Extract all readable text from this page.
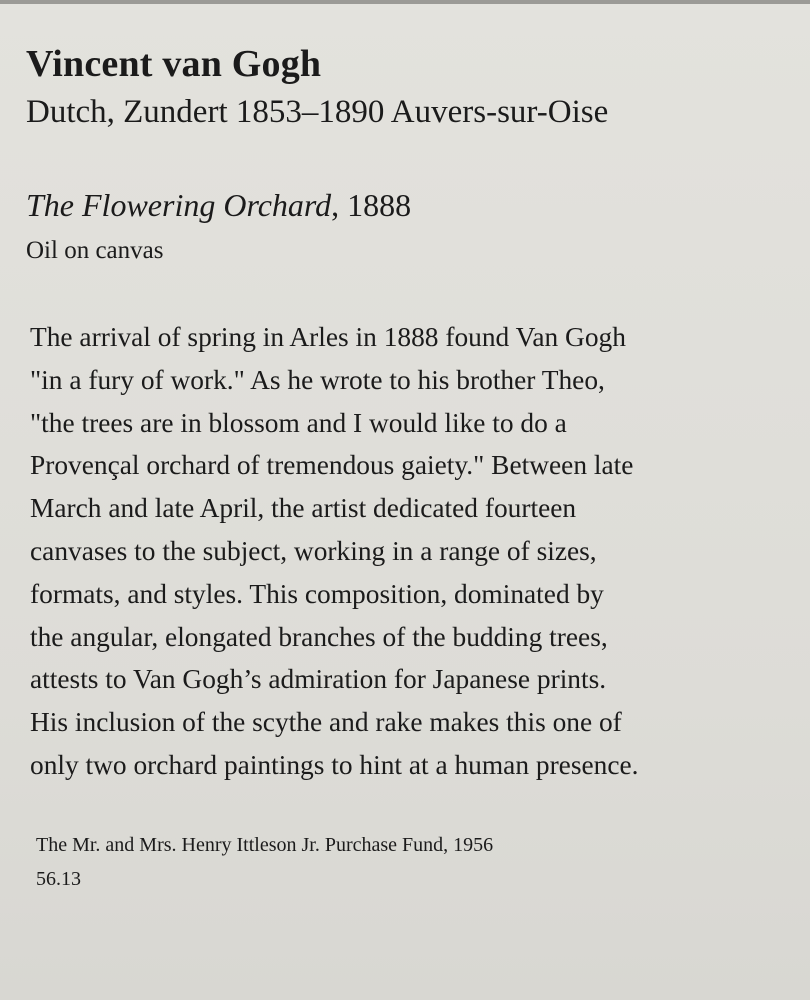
Vincent van Gogh
Dutch, Zundert 1853–1890 Auvers-sur-Oise
The Flowering Orchard, 1888
Oil on canvas
The arrival of spring in Arles in 1888 found Van Gogh
"in a fury of work." As he wrote to his brother Theo,
"the trees are in blossom and I would like to do a
Provençal orchard of tremendous gaiety." Between late
March and late April, the artist dedicated fourteen
canvases to the subject, working in a range of sizes,
formats, and styles. This composition, dominated by
the angular, elongated branches of the budding trees,
attests to Van Gogh’s admiration for Japanese prints.
His inclusion of the scythe and rake makes this one of
only two orchard paintings to hint at a human presence.
The Mr. and Mrs. Henry Ittleson Jr. Purchase Fund, 1956
56.13
